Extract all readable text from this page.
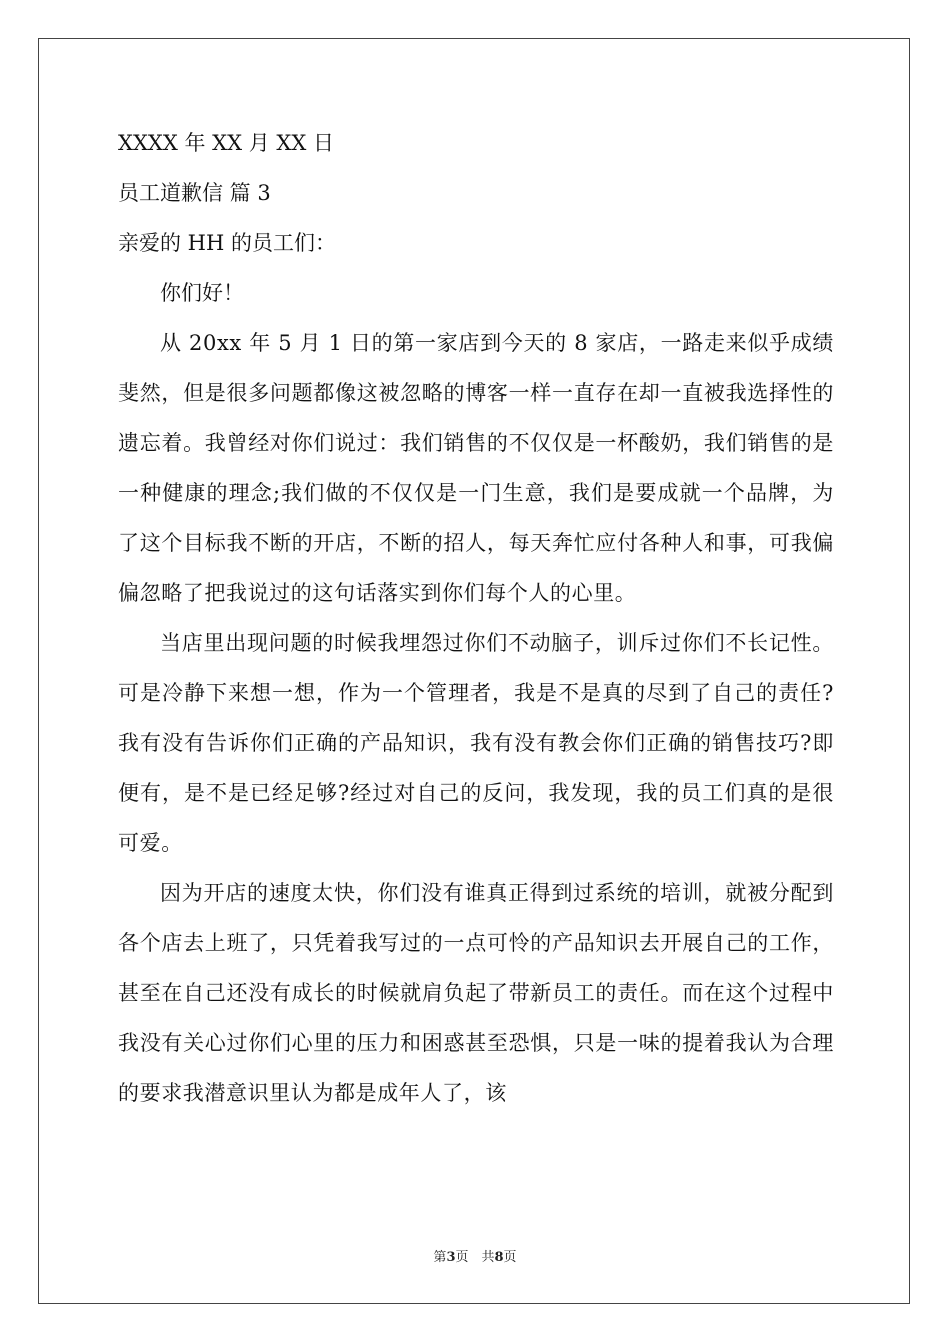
XXXX 年 XX 月 XX 日

员工道歉信 篇 3

亲爱的 HH 的员工们：

你们好！

从 20xx 年 5 月 1 日的第一家店到今天的 8 家店，一路走来似乎成绩斐然，但是很多问题都像这被忽略的博客一样一直存在却一直被我选择性的遗忘着。我曾经对你们说过：我们销售的不仅仅是一杯酸奶，我们销售的是一种健康的理念;我们做的不仅仅是一门生意，我们是要成就一个品牌，为了这个目标我不断的开店，不断的招人，每天奔忙应付各种人和事，可我偏偏忽略了把我说过的这句话落实到你们每个人的心里。

当店里出现问题的时候我埋怨过你们不动脑子，训斥过你们不长记性。可是冷静下来想一想，作为一个管理者，我是不是真的尽到了自己的责任?我有没有告诉你们正确的产品知识，我有没有教会你们正确的销售技巧?即便有，是不是已经足够?经过对自己的反问，我发现，我的员工们真的是很可爱。

因为开店的速度太快，你们没有谁真正得到过系统的培训，就被分配到各个店去上班了，只凭着我写过的一点可怜的产品知识去开展自己的工作，甚至在自己还没有成长的时候就肩负起了带新员工的责任。而在这个过程中我没有关心过你们心里的压力和困惑甚至恐惧，只是一味的提着我认为合理的要求我潜意识里认为都是成年人了，该

第3页　共8页
